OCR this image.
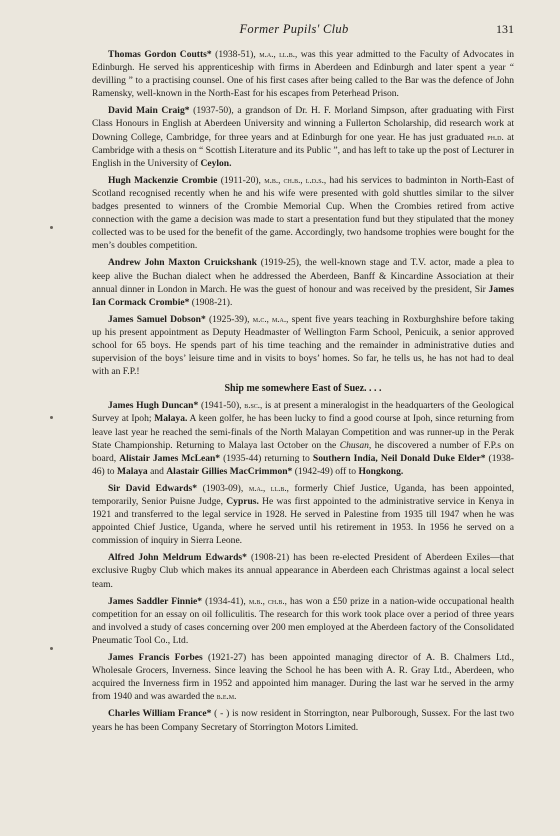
Former Pupils' Club	131

Thomas Gordon Coutts* (1938-51), m.a., ll.b., was this year admitted to the Faculty of Advocates in Edinburgh. He served his apprenticeship with firms in Aberdeen and Edinburgh and later spent a year “ devilling ” to a practising counsel. One of his first cases after being called to the Bar was the defence of John Ramensky, well-known in the North-East for his escapes from Peterhead Prison.

David Main Craig* (1937-50), a grandson of Dr. H. F. Morland Simpson, after graduating with First Class Honours in English at Aberdeen University and winning a Fullerton Scholarship, did research work at Downing College, Cambridge, for three years and at Edinburgh for one year. He has just graduated ph.d. at Cambridge with a thesis on “ Scottish Literature and its Public ”, and has left to take up the post of Lecturer in English in the University of Ceylon.

Hugh Mackenzie Crombie (1911-20), m.b., ch.b., l.d.s., had his services to badminton in North-East of Scotland recognised recently when he and his wife were presented with gold shuttles similar to the silver badges presented to winners of the Crombie Memorial Cup. When the Crombies retired from active connection with the game a decision was made to start a presentation fund but they stipulated that the money collected was to be used for the benefit of the game. Accordingly, two handsome trophies were bought for the men’s doubles competition.

Andrew John Maxton Cruickshank (1919-25), the well-known stage and T.V. actor, made a plea to keep alive the Buchan dialect when he addressed the Aberdeen, Banff & Kincardine Association at their annual dinner in London in March. He was the guest of honour and was received by the president, Sir James Ian Cormack Crombie* (1908-21).

James Samuel Dobson* (1925-39), m.c., m.a., spent five years teaching in Roxburghshire before taking up his present appointment as Deputy Headmaster of Wellington Farm School, Penicuik, a senior approved school for 65 boys. He spends part of his time teaching and the remainder in administrative duties and supervision of the boys’ leisure time and in visits to boys’ homes. So far, he tells us, he has not had to deal with an F.P.!

Ship me somewhere East of Suez. . . .

James Hugh Duncan* (1941-50), b.sc., is at present a mineralogist in the headquarters of the Geological Survey at Ipoh; Malaya. A keen golfer, he has been lucky to find a good course at Ipoh, since returning from leave last year he reached the semi-finals of the North Malayan Competition and was runner-up in the Perak State Championship. Returning to Malaya last October on the Chusan, he discovered a number of F.P.s on board, Alistair James McLean* (1935-44) returning to Southern India, Neil Donald Duke Elder* (1938-46) to Malaya and Alastair Gillies MacCrimmon* (1942-49) off to Hongkong.

Sir David Edwards* (1903-09), m.a., ll.b., formerly Chief Justice, Uganda, has been appointed, temporarily, Senior Puisne Judge, Cyprus. He was first appointed to the administrative service in Kenya in 1921 and transferred to the legal service in 1928. He served in Palestine from 1935 till 1947 when he was appointed Chief Justice, Uganda, where he served until his retirement in 1953. In 1956 he served on a commission of inquiry in Sierra Leone.

Alfred John Meldrum Edwards* (1908-21) has been re-elected President of Aberdeen Exiles—that exclusive Rugby Club which makes its annual appearance in Aberdeen each Christmas against a local select team.

James Saddler Finnie* (1934-41), m.b., ch.b., has won a £50 prize in a nation-wide occupational health competition for an essay on oil folliculitis. The research for this work took place over a period of three years and involved a study of cases concerning over 200 men employed at the Aberdeen factory of the Consolidated Pneumatic Tool Co., Ltd.

James Francis Forbes (1921-27) has been appointed managing director of A. B. Chalmers Ltd., Wholesale Grocers, Inverness. Since leaving the School he has been with A. R. Gray Ltd., Aberdeen, who acquired the Inverness firm in 1952 and appointed him manager. During the last war he served in the army from 1940 and was awarded the b.e.m.

Charles William France* ( - ) is now resident in Storrington, near Pulborough, Sussex. For the last two years he has been Company Secretary of Storrington Motors Limited.
